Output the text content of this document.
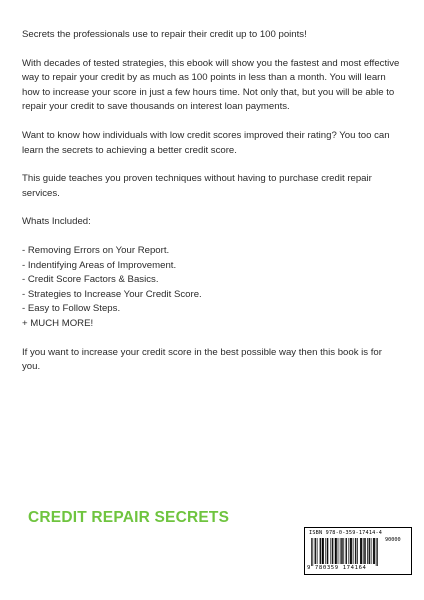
Secrets the professionals use to repair their credit up to 100 points!

With decades of tested strategies, this ebook will show you the fastest and most effective way to repair your credit by as much as 100 points in less than a month. You will learn how to increase your score in just a few hours time. Not only that, but you will be able to repair your credit to save thousands on interest loan payments.

Want to know how individuals with low credit scores improved their rating? You too can learn the secrets to achieving a better credit score.

This guide teaches you proven techniques without having to purchase credit repair services.

Whats Included:

- Removing Errors on Your Report.
- Indentifying Areas of Improvement.
- Credit Score Factors & Basics.
- Strategies to Increase Your Credit Score.
- Easy to Follow Steps.
+ MUCH MORE!

If you want to increase your credit score in the best possible way then this book is for you.

CREDIT REPAIR SECRETS
ISBN 978-0-359-17414-4
90000
9 780359 174164
